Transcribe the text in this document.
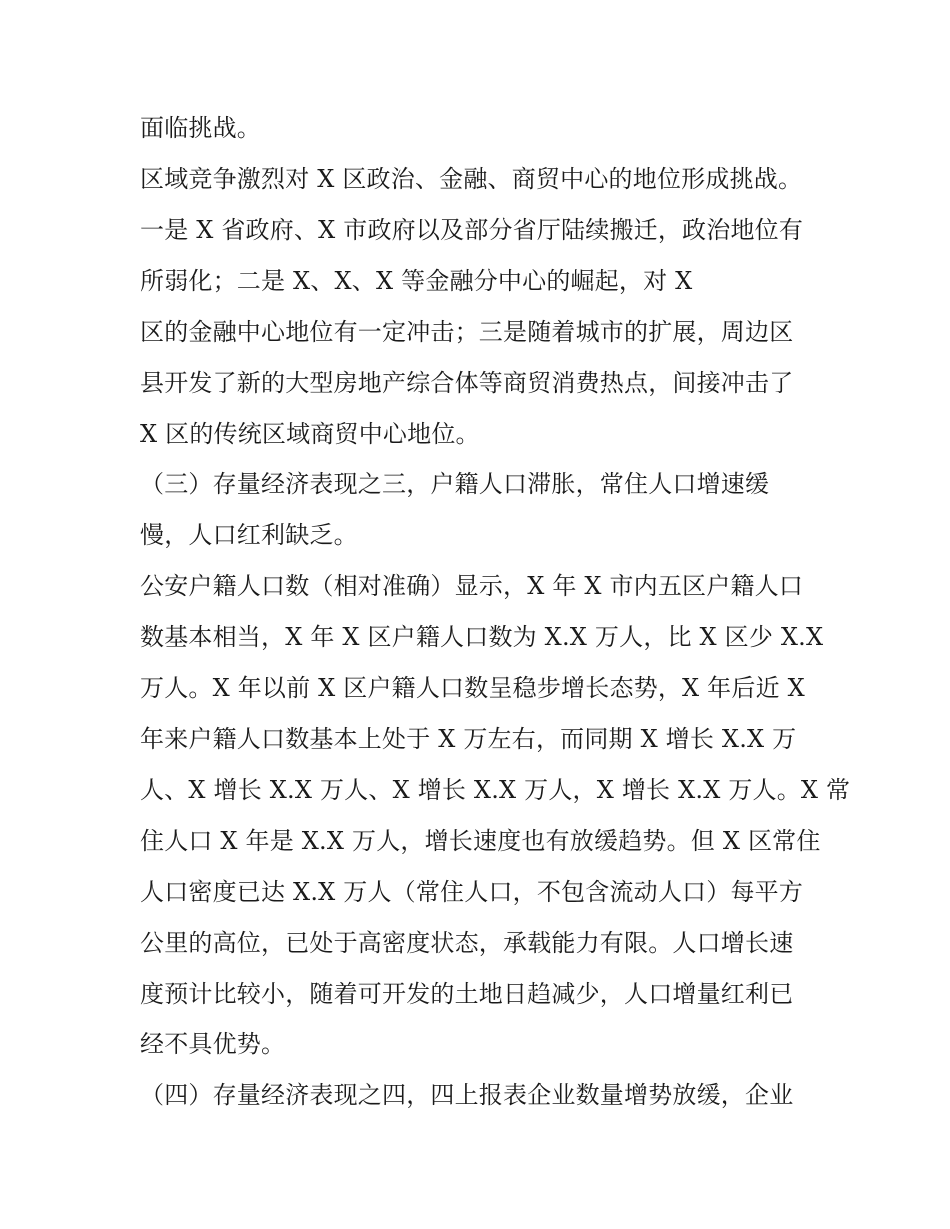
面临挑战。
区域竞争激烈对 X 区政治、金融、商贸中心的地位形成挑战。
一是 X 省政府、X 市政府以及部分省厅陆续搬迁，政治地位有
所弱化；二是 X、X、X 等金融分中心的崛起，对 X
区的金融中心地位有一定冲击；三是随着城市的扩展，周边区
县开发了新的大型房地产综合体等商贸消费热点，间接冲击了
X 区的传统区域商贸中心地位。
（三）存量经济表现之三，户籍人口滞胀，常住人口增速缓
慢，人口红利缺乏。
公安户籍人口数（相对准确）显示，X 年 X 市内五区户籍人口
数基本相当，X 年 X 区户籍人口数为 X.X 万人，比 X 区少 X.X
万人。X 年以前 X 区户籍人口数呈稳步增长态势，X 年后近 X
年来户籍人口数基本上处于 X 万左右，而同期 X 增长 X.X 万
人、X 增长 X.X 万人、X 增长 X.X 万人，X 增长 X.X 万人。X 常
住人口 X 年是 X.X 万人，增长速度也有放缓趋势。但 X 区常住
人口密度已达 X.X 万人（常住人口，不包含流动人口）每平方
公里的高位，已处于高密度状态，承载能力有限。人口增长速
度预计比较小，随着可开发的土地日趋减少，人口增量红利已
经不具优势。
（四）存量经济表现之四，四上报表企业数量增势放缓，企业
